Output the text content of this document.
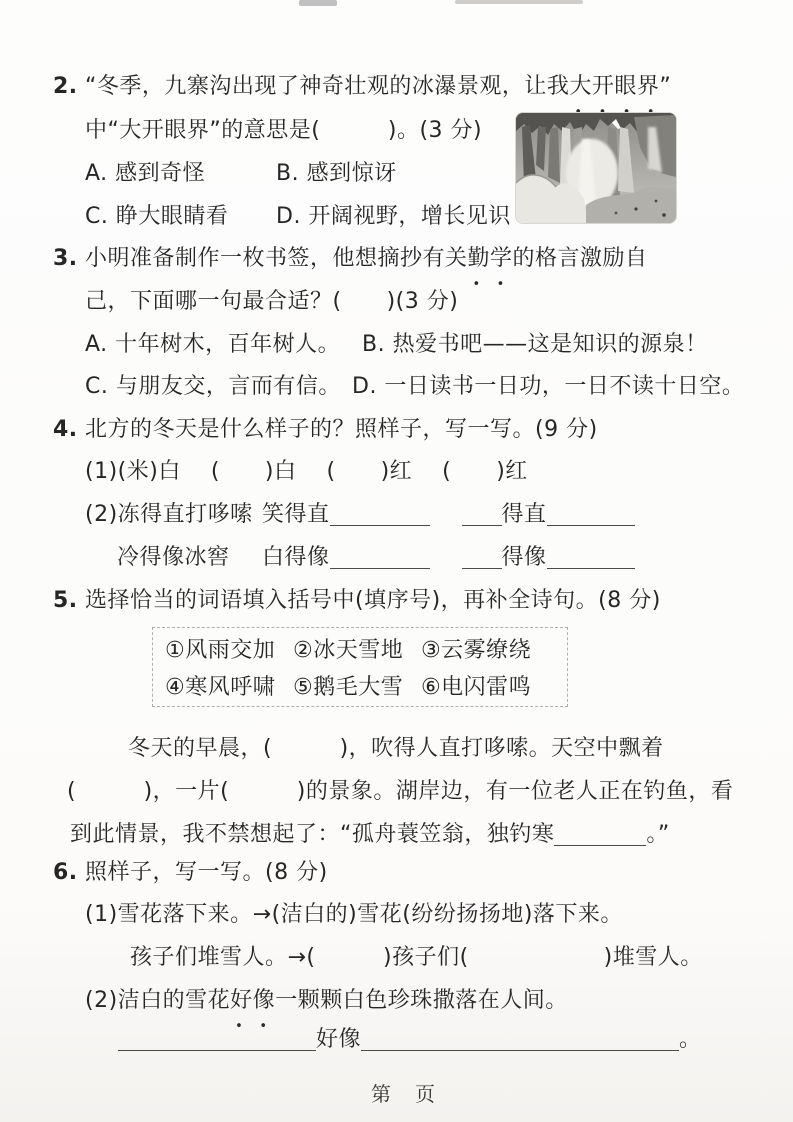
2. “冬季，九寨沟出现了神奇壮观的冰瀑景观，让我大开眼界 ••••”
中“大开眼界”的意思是(　　　)。(3 分)
A. 感到奇怪	B. 感到惊讶
C. 睁大眼睛看 D. 开阔视野，增长见识
3. 小明准备制作一枚书签，他想摘抄有关勤学 ••的格言激励自
己，下面哪一句最合适？(　　)(3 分)
A. 十年树木，百年树人。 B. 热爱书吧——这是知识的源泉！
C. 与朋友交，言而有信。 D. 一日读书一日功，一日不读十日空。
4. 北方的冬天是什么样子的？照样子，写一写。(9 分)
(1)(米)白　 (　　)白　 (　　)红　 (　　)红
(2)冻得直打哆嗦 笑得直	得直
冷得像冰窖 白得像	得像
5. 选择恰当的词语填入括号中(填序号)，再补全诗句。(8 分)
①风雨交加 ②冰天雪地 ③云雾缭绕
④寒风呼啸 ⑤鹅毛大雪 ⑥电闪雷鸣
冬天的早晨，(　　　)，吹得人直打哆嗦。天空中飘着
(　　　)，一片(　　　)的景象。湖岸边，有一位老人正在钓鱼，看
到此情景，我不禁想起了：“孤舟蓑笠翁，独钓寒	。”
6. 照样子，写一写。(8 分)
(1)雪花落下来。→(洁白的)雪花(纷纷扬扬地)落下来。
孩子们堆雪人。→(　　　)孩子们(　　　　　　)堆雪人。
(2)洁白的雪花好像 ••一颗颗白色珍珠撒落在人间。
好像	。
第　页
